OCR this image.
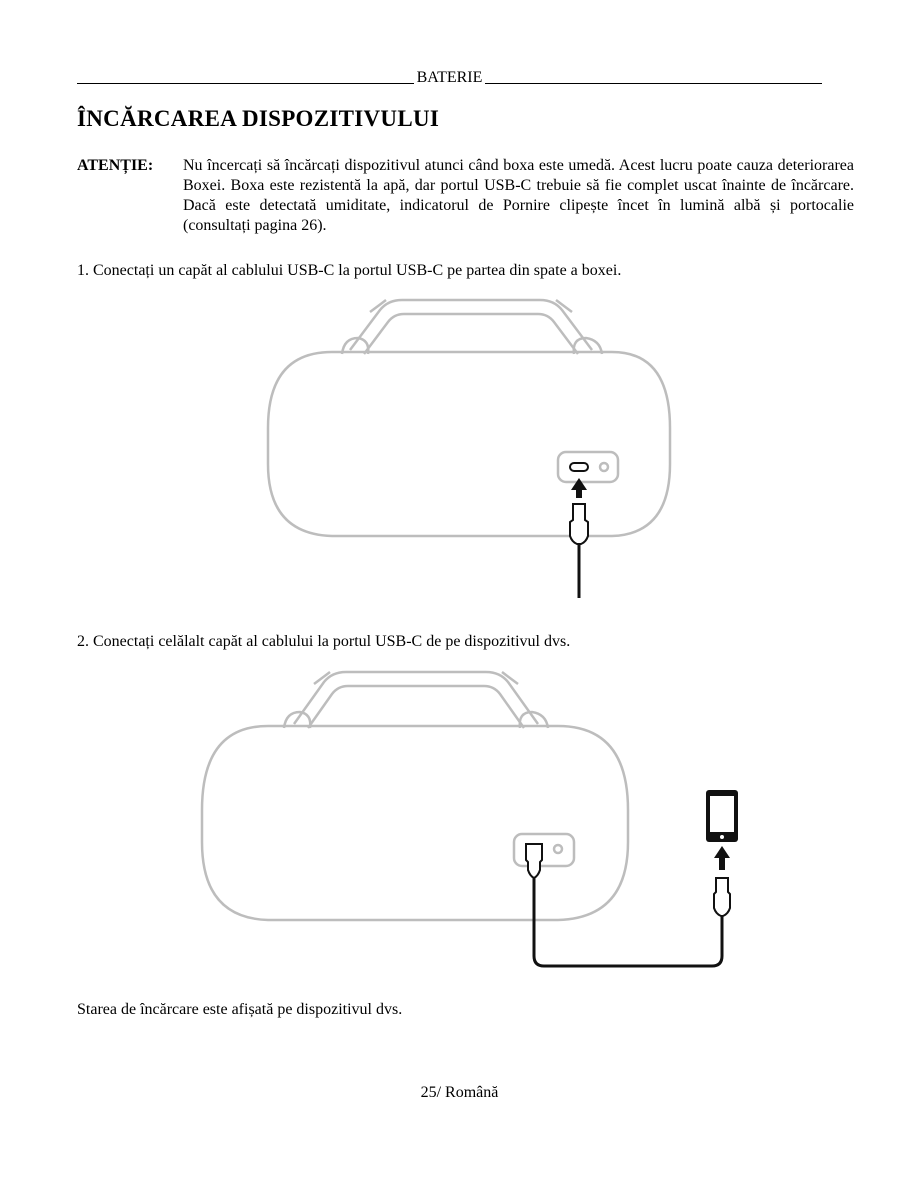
BATERIE
ÎNCĂRCAREA DISPOZITIVULUI
ATENȚIE:	Nu încercați să încărcați dispozitivul atunci când boxa este umedă. Acest lucru poate cauza deteriorarea Boxei. Boxa este rezistentă la apă, dar portul USB-C trebuie să fie complet uscat înainte de încărcare. Dacă este detectată umiditate, indicatorul de Pornire clipește încet în lumină albă și portocalie (consultați pagina 26).
1. Conectați un capăt al cablului USB-C la portul USB-C pe partea din spate a boxei.
2. Conectați celălalt capăt al cablului la portul USB-C de pe dispozitivul dvs.
Starea de încărcare este afișată pe dispozitivul dvs.
25/ Română
